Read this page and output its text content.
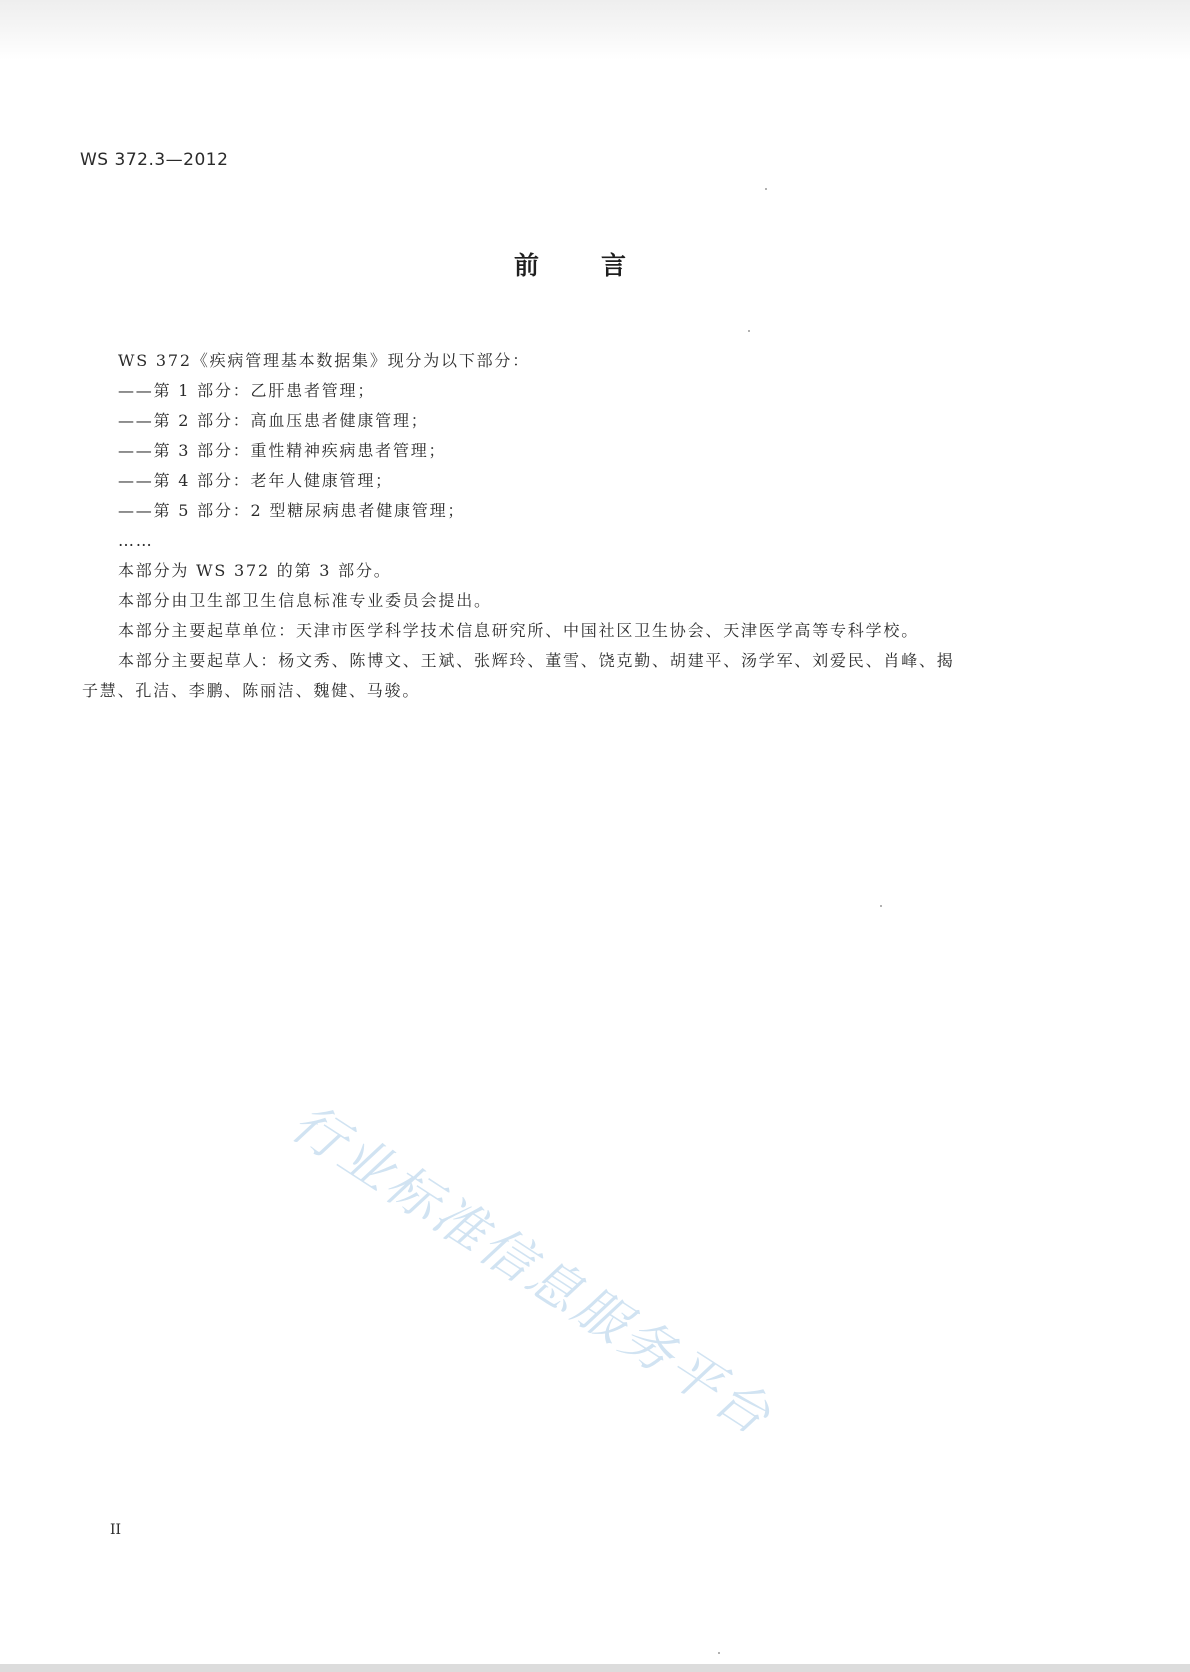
WS 372.3—2012
前 言

WS 372《疾病管理基本数据集》现分为以下部分：

——第 1 部分：乙肝患者管理；

——第 2 部分：高血压患者健康管理；

——第 3 部分：重性精神疾病患者管理；

——第 4 部分：老年人健康管理；

——第 5 部分：2 型糖尿病患者健康管理；

……

本部分为 WS 372 的第 3 部分。

本部分由卫生部卫生信息标准专业委员会提出。

本部分主要起草单位：天津市医学科学技术信息研究所、中国社区卫生协会、天津医学高等专科学校。

本部分主要起草人：杨文秀、陈博文、王斌、张辉玲、董雪、饶克勤、胡建平、汤学军、刘爱民、肖峰、揭子慧、孔洁、李鹏、陈丽洁、魏健、马骏。

行业标准信息服务平台
II
